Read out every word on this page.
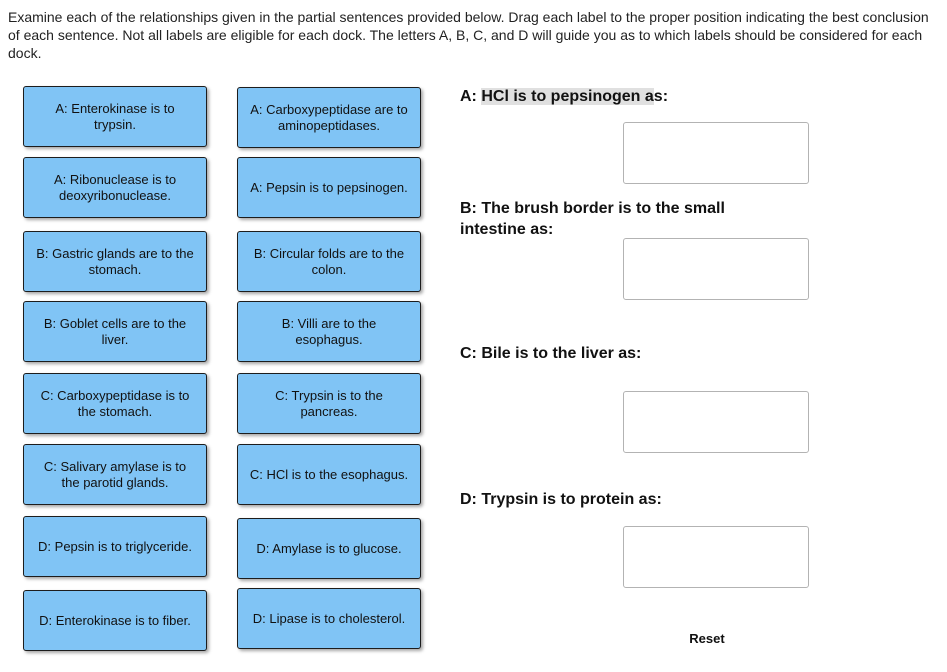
Examine each of the relationships given in the partial sentences provided below. Drag each label to the proper position indicating the best conclusion of each sentence. Not all labels are eligible for each dock. The letters A, B, C, and D will guide you as to which labels should be considered for each dock.
A: Enterokinase is to trypsin.
A: Ribonuclease is to deoxyribonuclease.
B: Gastric glands are to the stomach.
B: Goblet cells are to the liver.
C: Carboxypeptidase is to the stomach.
C: Salivary amylase is to the parotid glands.
D: Pepsin is to triglyceride.
D: Enterokinase is to fiber.
A: Carboxypeptidase are to aminopeptidases.
A: Pepsin is to pepsinogen.
B: Circular folds are to the colon.
B: Villi are to the esophagus.
C: Trypsin is to the pancreas.
C: HCl is to the esophagus.
D: Amylase is to glucose.
D: Lipase is to cholesterol.
A: HCl is to pepsinogen as:
B: The brush border is to the small intestine as:
C: Bile is to the liver as:
D: Trypsin is to protein as:
Reset
